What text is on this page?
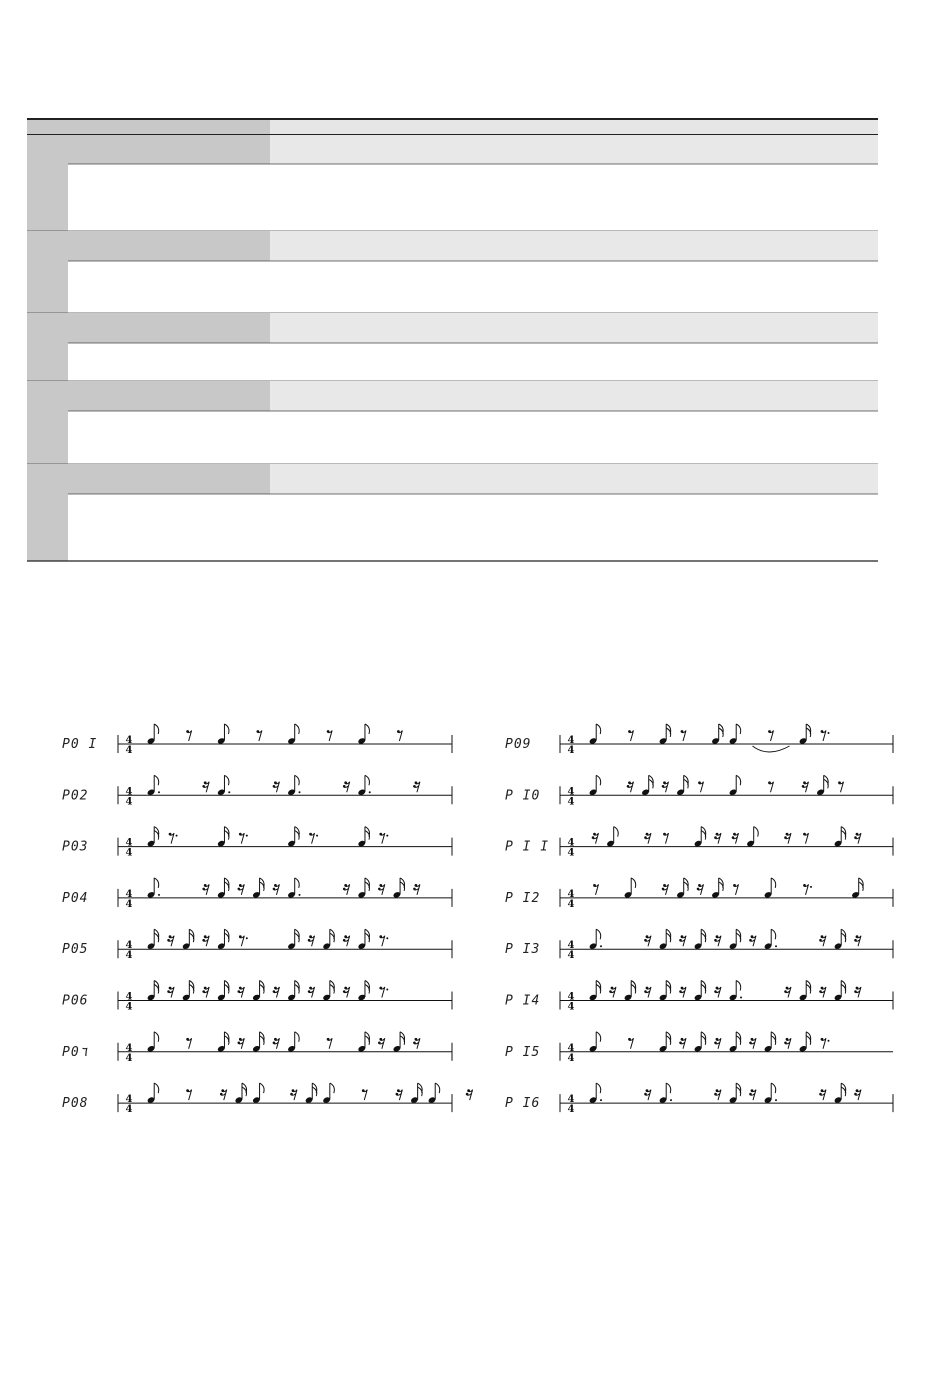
P0 I	4
4
P02	4
4
P03	4
4
P04	4
4
P05	4
4
P06	4
4
P0٦	4
4
P08	4
4
P09	4
4
P I0	4
4
P I I 4
4
P I2	4
4
P I3	4
4
P I4	4
4
P I5	4
4
P I6	4
4
